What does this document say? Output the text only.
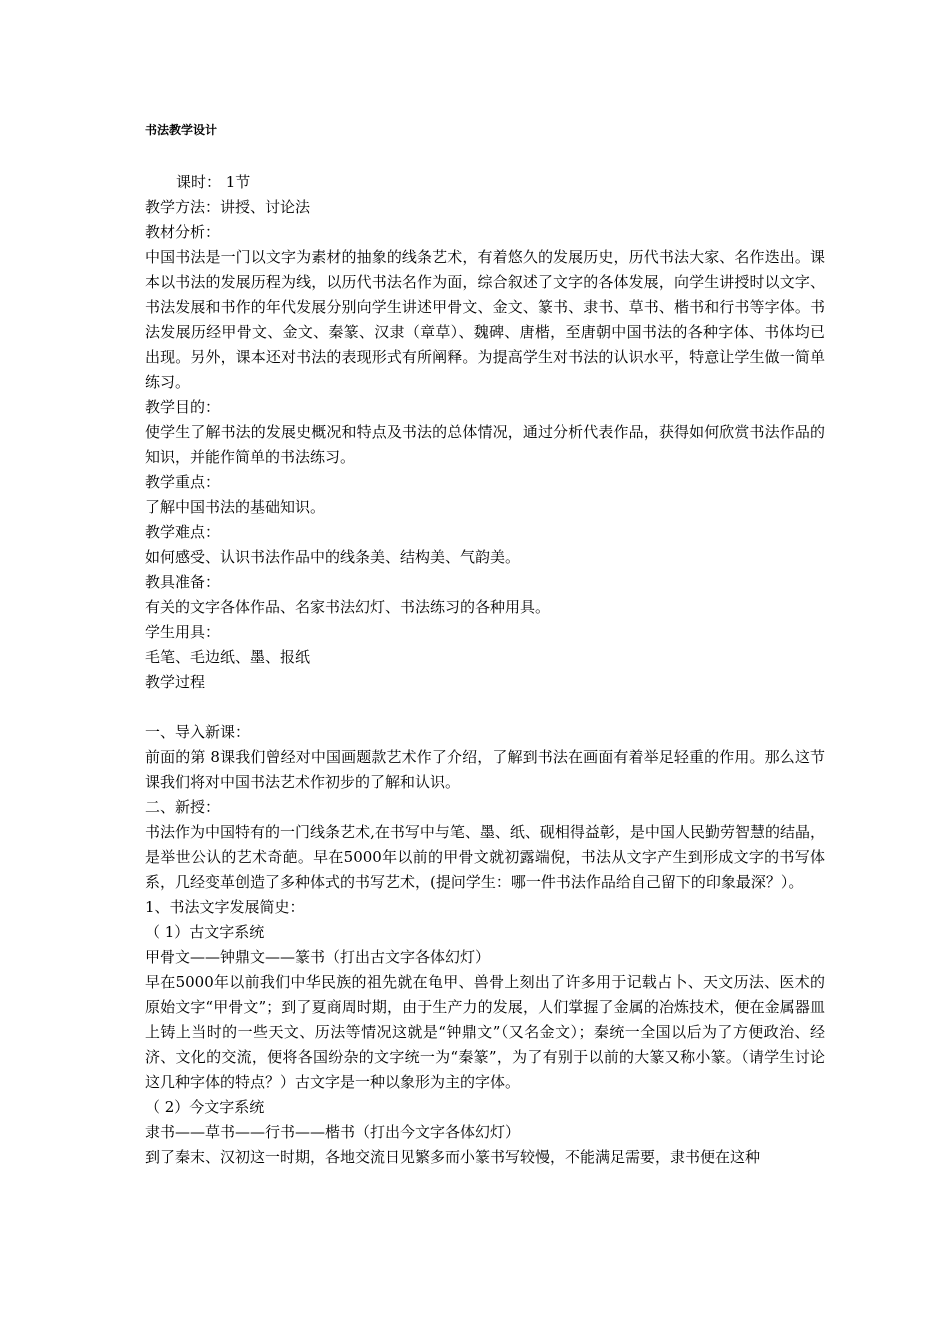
书法教学设计
课时： 1节
教学方法：讲授、讨论法
教材分析：
中国书法是一门以文字为素材的抽象的线条艺术，有着悠久的发展历史，历代书法大家、名作迭出。课本以书法的发展历程为线，以历代书法名作为面，综合叙述了文字的各体发展，向学生讲授时以文字、书法发展和书作的年代发展分别向学生讲述甲骨文、金文、篆书、隶书、草书、楷书和行书等字体。书法发展历经甲骨文、金文、秦篆、汉隶（章草）、魏碑、唐楷，至唐朝中国书法的各种字体、书体均已出现。另外，课本还对书法的表现形式有所阐释。为提高学生对书法的认识水平，特意让学生做一简单练习。
教学目的：
使学生了解书法的发展史概况和特点及书法的总体情况，通过分析代表作品，获得如何欣赏书法作品的知识，并能作简单的书法练习。
教学重点：
了解中国书法的基础知识。
教学难点：
如何感受、认识书法作品中的线条美、结构美、气韵美。
教具准备：
有关的文字各体作品、名家书法幻灯、书法练习的各种用具。
学生用具：
毛笔、毛边纸、墨、报纸
教学过程
一、导入新课：
前面的第 8课我们曾经对中国画题款艺术作了介绍，了解到书法在画面有着举足轻重的作用。那么这节课我们将对中国书法艺术作初步的了解和认识。
二、新授：
书法作为中国特有的一门线条艺术,在书写中与笔、墨、纸、砚相得益彰，是中国人民勤劳智慧的结晶，是举世公认的艺术奇葩。早在5000年以前的甲骨文就初露端倪，书法从文字产生到形成文字的书写体系，几经变革创造了多种体式的书写艺术，(提问学生：哪一件书法作品给自己留下的印象最深？）。
1、书法文字发展简史：
（ 1）古文字系统
甲骨文——钟鼎文——篆书（打出古文字各体幻灯）
早在5000年以前我们中华民族的祖先就在龟甲、兽骨上刻出了许多用于记载占卜、天文历法、医术的原始文字“甲骨文”；到了夏商周时期，由于生产力的发展，人们掌握了金属的冶炼技术，便在金属器皿上铸上当时的一些天文、历法等情况这就是“钟鼎文”（又名金文）；秦统一全国以后为了方便政治、经济、文化的交流，便将各国纷杂的文字统一为“秦篆”，为了有别于以前的大篆又称小篆。（请学生讨论这几种字体的特点？）古文字是一种以象形为主的字体。
（ 2）今文字系统
隶书——草书——行书——楷书（打出今文字各体幻灯）
到了秦末、汉初这一时期，各地交流日见繁多而小篆书写较慢，不能满足需要，隶书便在这种
